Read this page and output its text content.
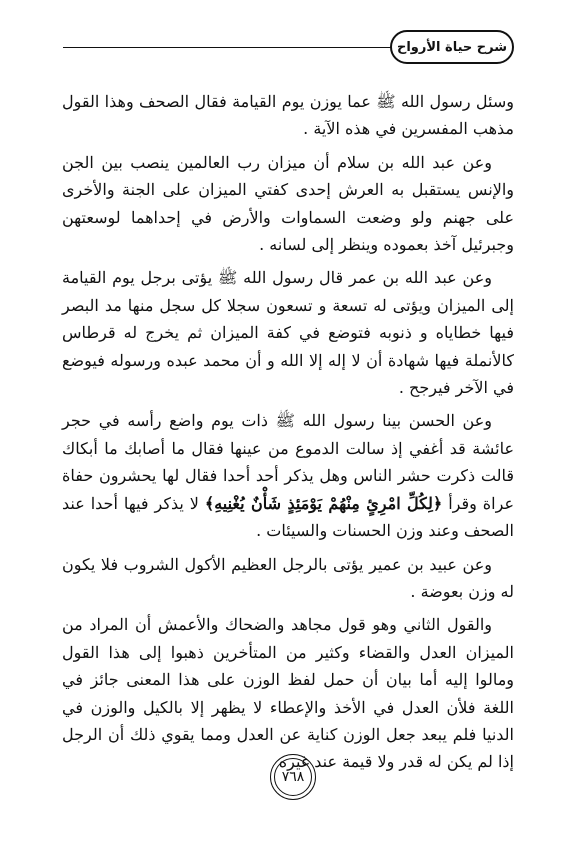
شرح حياة الأرواح

وسئل رسول الله ﷺ عما يوزن يوم القيامة فقال الصحف وهذا القول مذهب المفسرين في هذه الآية .

وعن عبد الله بن سلام أن ميزان رب العالمين ينصب بين الجن والإنس يستقبل به العرش إحدى كفتي الميزان على الجنة والأخرى على جهنم ولو وضعت السماوات والأرض في إحداهما لوسعتهن وجبرئيل آخذ بعموده وينظر إلى لسانه .

وعن عبد الله بن عمر قال رسول الله ﷺ يؤتى برجل يوم القيامة إلى الميزان ويؤتى له تسعة و تسعون سجلا كل سجل منها مد البصر فيها خطاياه و ذنوبه فتوضع في كفة الميزان ثم يخرج له قرطاس كالأنملة فيها شهادة أن لا إله إلا الله و أن محمد عبده ورسوله فيوضع في الآخر فيرجح .

وعن الحسن بينا رسول الله ﷺ ذات يوم واضع رأسه في حجر عائشة قد أغفي إذ سالت الدموع من عينها فقال ما أصابك ما أبكاك قالت ذكرت حشر الناس وهل يذكر أحد أحدا فقال لها يحشرون حفاة عراة وقرأ ﴿لِكُلِّ امْرِئٍ مِنْهُمْ يَوْمَئِذٍ شَأْنٌ يُغْنِيهِ﴾ لا يذكر فيها أحدا عند الصحف وعند وزن الحسنات والسيئات .

وعن عبيد بن عمير يؤتى بالرجل العظيم الأكول الشروب فلا يكون له وزن بعوضة .

والقول الثاني وهو قول مجاهد والضحاك والأعمش أن المراد من الميزان العدل والقضاء وكثير من المتأخرين ذهبوا إلى هذا القول ومالوا إليه أما بيان أن حمل لفظ الوزن على هذا المعنى جائز في اللغة فلأن العدل في الأخذ والإعطاء لا يظهر إلا بالكيل والوزن في الدنيا فلم يبعد جعل الوزن كناية عن العدل ومما يقوي ذلك أن الرجل إذا لم يكن له قدر ولا قيمة عند غيره

٧٦٨
